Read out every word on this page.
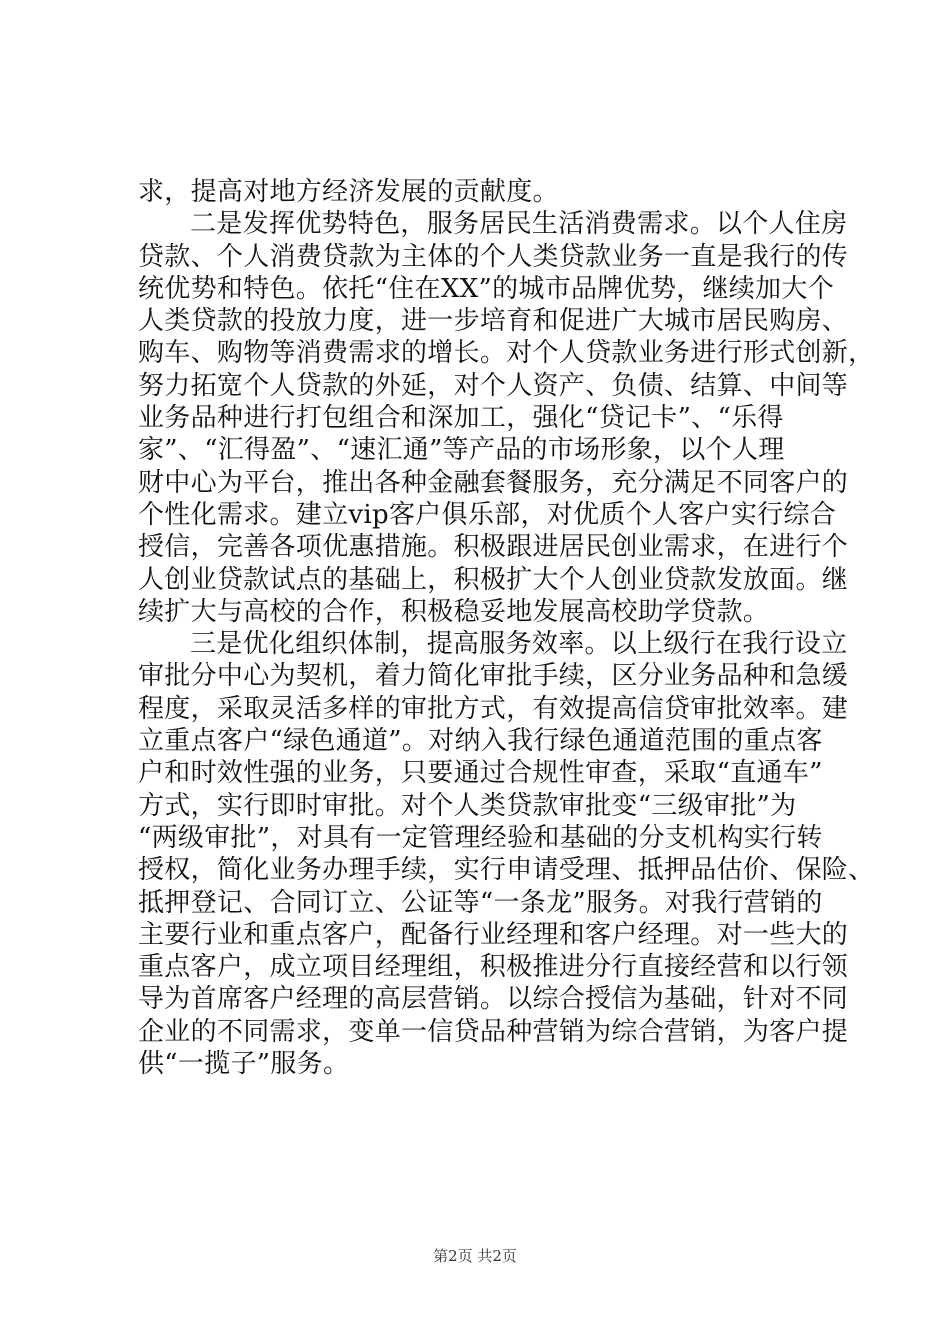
求，提高对地方经济发展的贡献度。
二是发挥优势特色，服务居民生活消费需求。以个人住房
贷款、个人消费贷款为主体的个人类贷款业务一直是我行的传
统优势和特色。依托“住在XX”的城市品牌优势，继续加大个
人类贷款的投放力度，进一步培育和促进广大城市居民购房、
购车、购物等消费需求的增长。对个人贷款业务进行形式创新，
努力拓宽个人贷款的外延，对个人资产、负债、结算、中间等
业务品种进行打包组合和深加工，强化“贷记卡”、“乐得
家”、“汇得盈”、“速汇通”等产品的市场形象，以个人理
财中心为平台，推出各种金融套餐服务，充分满足不同客户的
个性化需求。建立vip客户俱乐部，对优质个人客户实行综合
授信，完善各项优惠措施。积极跟进居民创业需求，在进行个
人创业贷款试点的基础上，积极扩大个人创业贷款发放面。继
续扩大与高校的合作，积极稳妥地发展高校助学贷款。
三是优化组织体制，提高服务效率。以上级行在我行设立
审批分中心为契机，着力简化审批手续，区分业务品种和急缓
程度，采取灵活多样的审批方式，有效提高信贷审批效率。建
立重点客户“绿色通道”。对纳入我行绿色通道范围的重点客
户和时效性强的业务，只要通过合规性审查，采取“直通车”
方式，实行即时审批。对个人类贷款审批变“三级审批”为
“两级审批”，对具有一定管理经验和基础的分支机构实行转
授权，简化业务办理手续，实行申请受理、抵押品估价、保险、
抵押登记、合同订立、公证等“一条龙”服务。对我行营销的
主要行业和重点客户，配备行业经理和客户经理。对一些大的
重点客户，成立项目经理组，积极推进分行直接经营和以行领
导为首席客户经理的高层营销。以综合授信为基础，针对不同
企业的不同需求，变单一信贷品种营销为综合营销，为客户提
供“一揽子”服务。
第2页 共2页
